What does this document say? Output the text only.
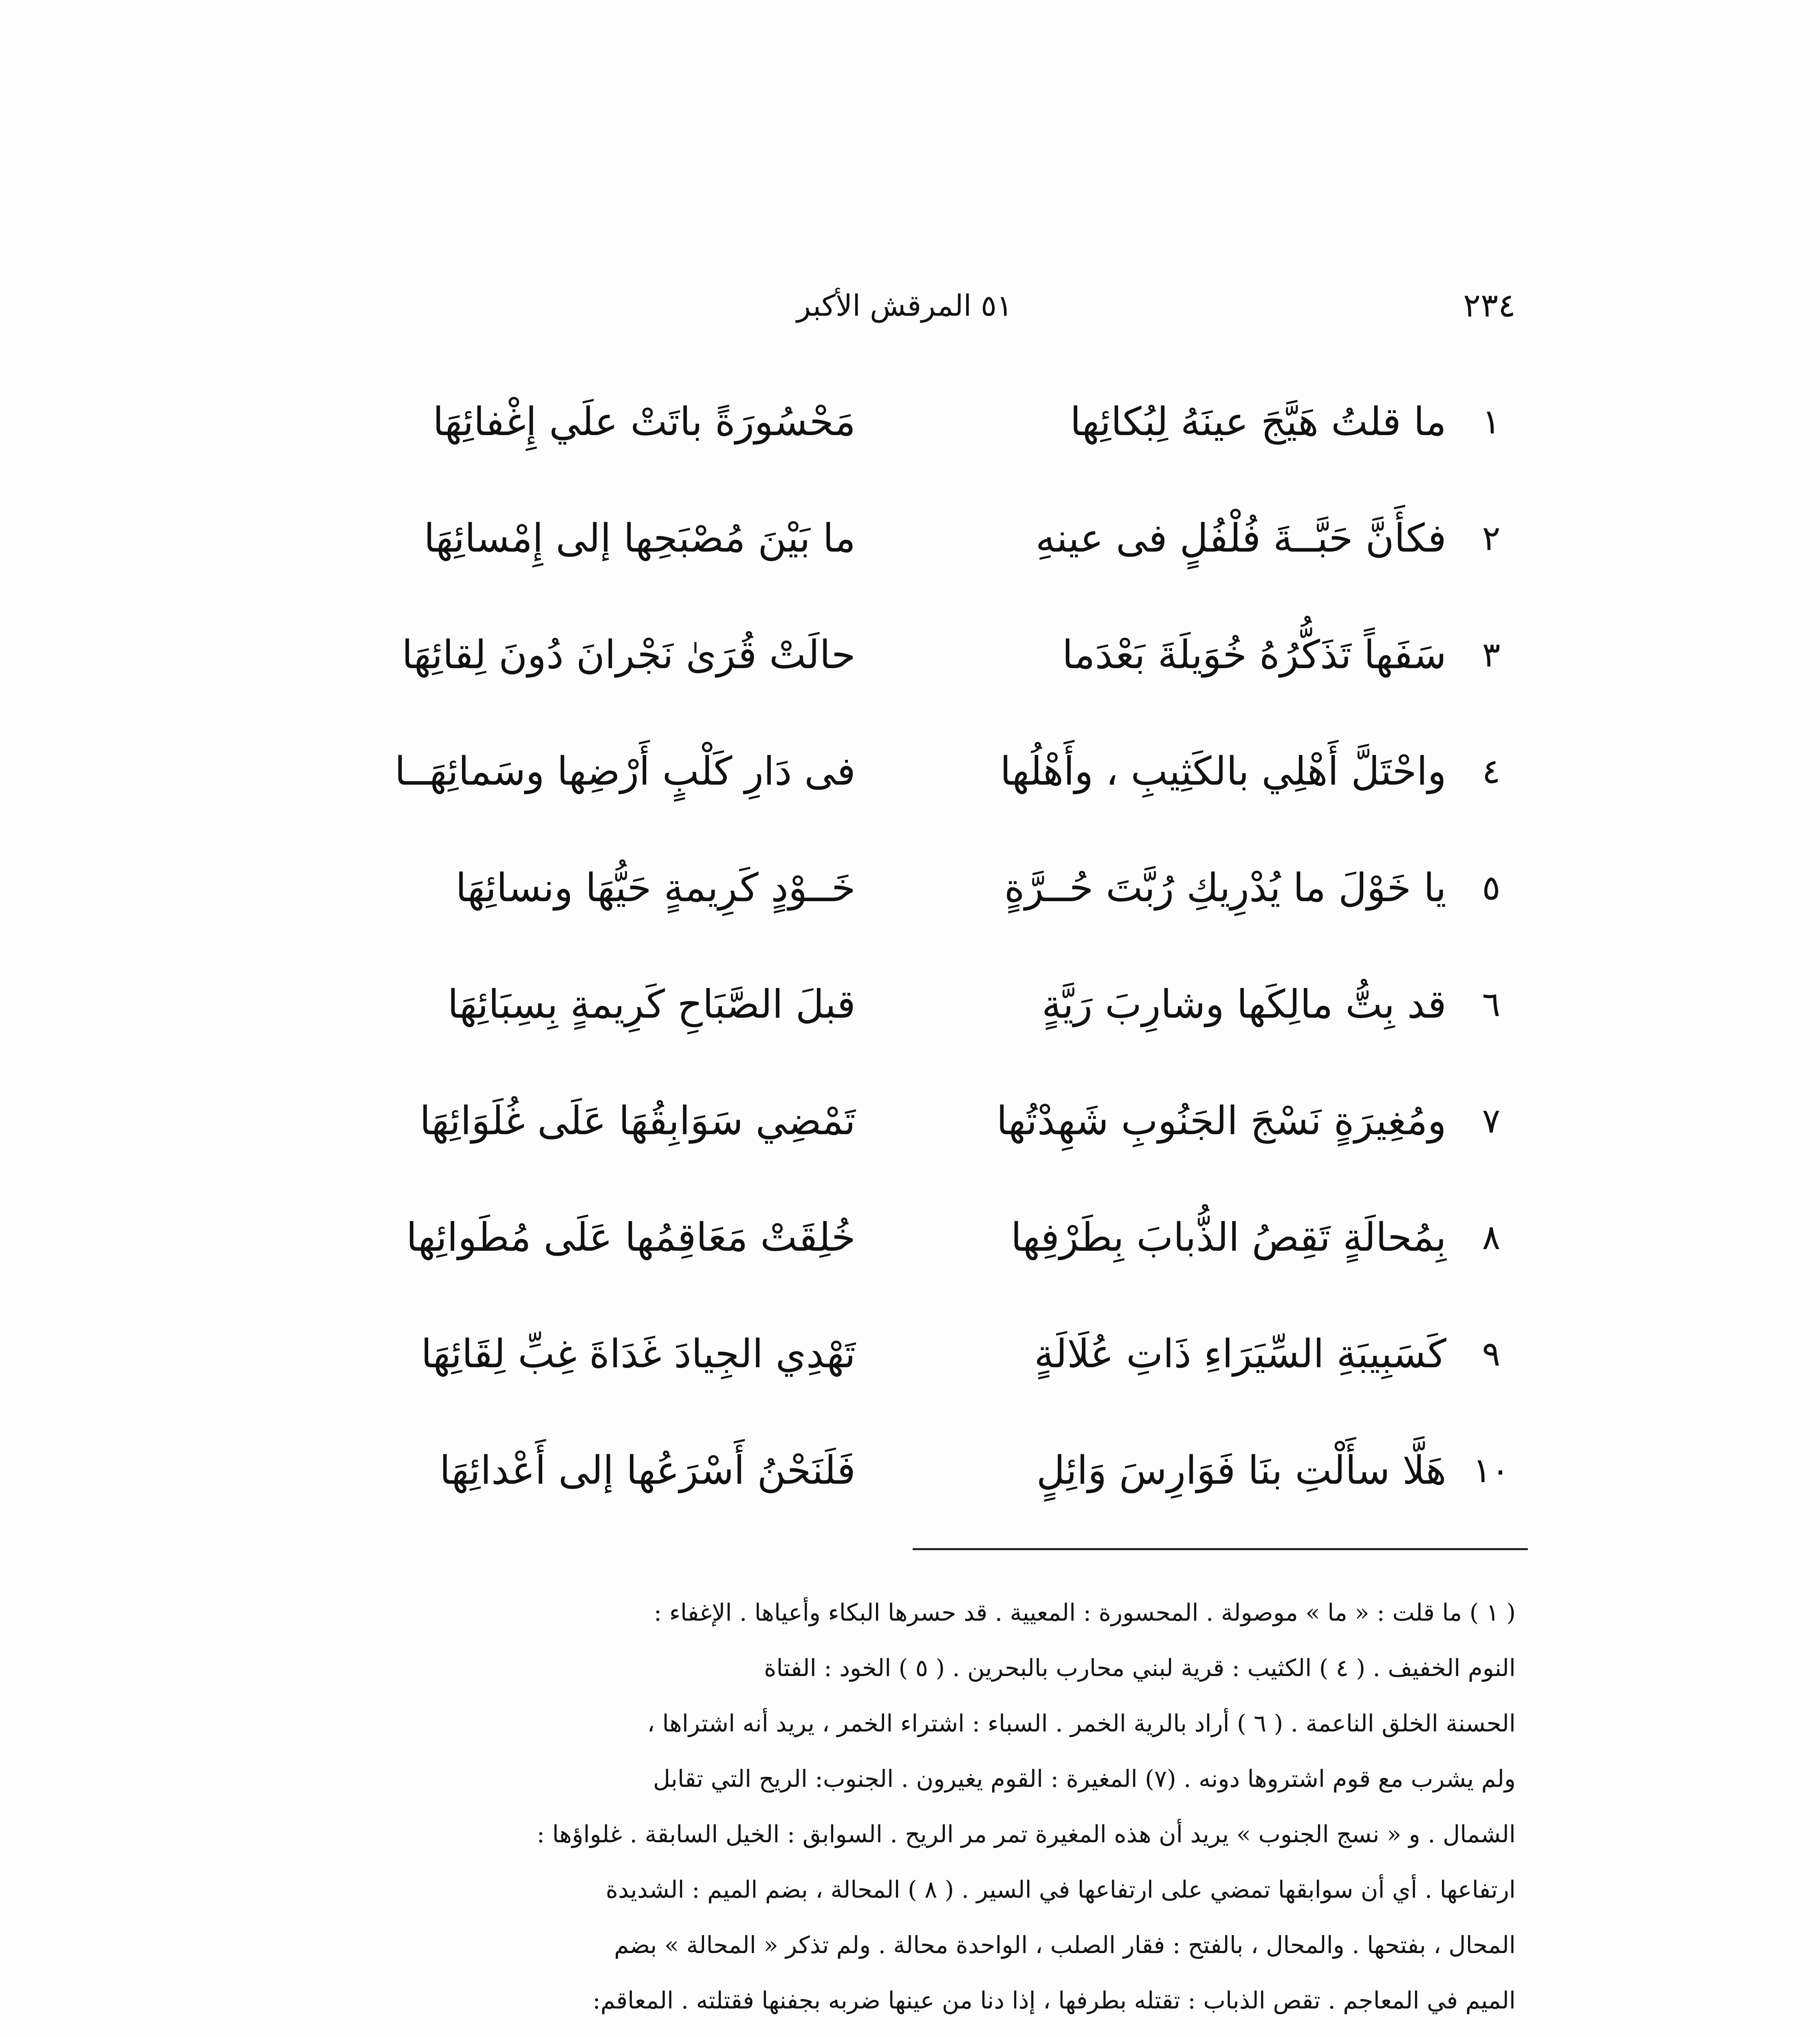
٢٣٤
٥١ المرقش الأكبر
١
ما قلتُ هَيَّجَ عينَهُ لِبُكائِها
مَحْسُورَةً باتَتْ علَي إِغْفائِهَا
٢
فكأَنَّ حَبَّــةَ فُلْفُلٍ فى عينهِ
ما بَيْنَ مُصْبَحِها إلى إِمْسائِهَا
٣
سَفَهاً تَذَكُّرُهُ خُوَيلَةَ بَعْدَما
حالَتْ قُرَىٰ نَجْرانَ دُونَ لِقائِهَا
٤
واحْتَلَّ أَهْلِي بالكَثِيبِ ، وأَهْلُها
فى دَارِ كَلْبٍ أَرْضِها وسَمائِهَــا
٥
يا خَوْلَ ما يُدْرِيكِ رُبَّتَ حُــرَّةٍ
خَــوْدٍ كَرِيمةٍ حَيُّهَا ونسائِهَا
٦
قد بِتُّ مالِكَها وشارِبَ رَيَّةٍ
قبلَ الصَّبَاحِ كَرِيمةٍ بِسِبَائِهَا
٧
ومُغِيرَةٍ نَسْجَ الجَنُوبِ شَهِدْتُها
تَمْضِي سَوَابِقُهَا عَلَى غُلَوَائِهَا
٨
بِمُحالَةٍ تَقِصُ الذُّبابَ بِطَرْفِها
خُلِقَتْ مَعَاقِمُها عَلَى مُطَوائِها
٩
كَسَبِيبَةِ السِّيَرَاءِ ذَاتِ عُلَالَةٍ
تَهْدِي الجِيادَ غَدَاةَ غِبِّ لِقَائِهَا
١٠
هَلَّا سأَلْتِ بنَا فَوَارِسَ وَائِلٍ
فَلَنَحْنُ أَسْرَعُها إلى أَعْدائِهَا
( ١ ) ما قلت : « ما » موصولة . المحسورة : المعيية . قد حسرها البكاء وأعياها . الإغفاء :
النوم الخفيف . ( ٤ ) الكثيب : قرية لبني محارب بالبحرين . ( ٥ ) الخود : الفتاة
الحسنة الخلق الناعمة . ( ٦ ) أراد بالرية الخمر . السباء : اشتراء الخمر ، يريد أنه اشتراها ،
ولم يشرب مع قوم اشتروها دونه . (٧) المغيرة : القوم يغيرون . الجنوب: الريح التي تقابل
الشمال . و « نسج الجنوب » يريد أن هذه المغيرة تمر مر الريح . السوابق : الخيل السابقة . غلواؤها :
ارتفاعها . أي أن سوابقها تمضي على ارتفاعها في السير . ( ٨ ) المحالة ، بضم الميم : الشديدة
المحال ، بفتحها . والمحال ، بالفتح : فقار الصلب ، الواحدة محالة . ولم تذكر « المحالة » بضم
الميم في المعاجم . تقص الذباب : تقتله بطرفها ، إذا دنا من عينها ضربه بجفنها فقتلته . المعاقم:
